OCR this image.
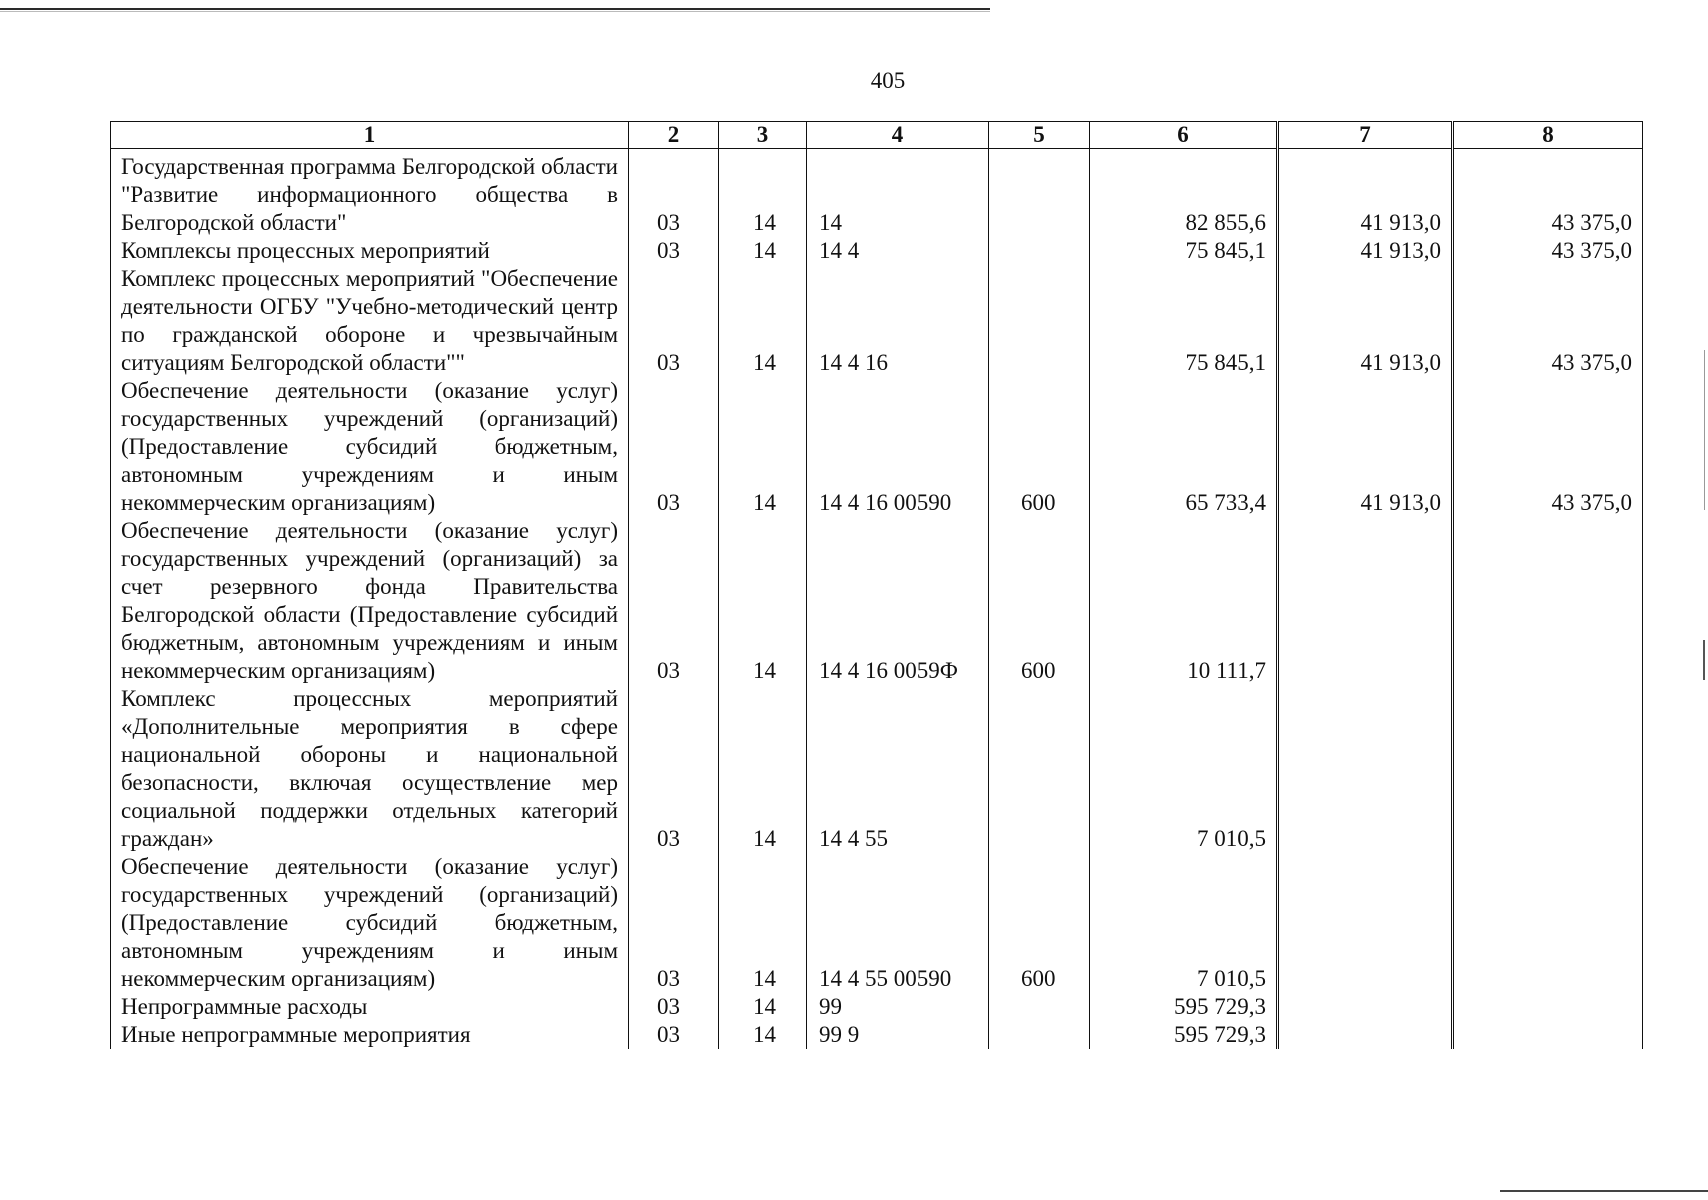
405
1	2	3	4	5	6	7	8
Государственная программа Белгородской области "Развитие информационного общества в Белгородской области"	03	14	14		82 855,6	41 913,0	43 375,0
Комплексы процессных мероприятий	03	14	14 4		75 845,1	41 913,0	43 375,0
Комплекс процессных мероприятий "Обеспечение деятельности ОГБУ "Учебно-методический центр по гражданской обороне и чрезвычайным ситуациям Белгородской области""	03	14	14 4 16		75 845,1	41 913,0	43 375,0
Обеспечение деятельности (оказание услуг) государственных учреждений (организаций) (Предоставление субсидий бюджетным, автономным учреждениям и иным некоммерческим организациям)	03	14	14 4 16 00590	600	65 733,4	41 913,0	43 375,0
Обеспечение деятельности (оказание услуг) государственных учреждений (организаций) за счет резервного фонда Правительства Белгородской области (Предоставление субсидий бюджетным, автономным учреждениям и иным некоммерческим организациям)	03	14	14 4 16 0059Ф	600	10 111,7		
Комплекс процессных мероприятий «Дополнительные мероприятия в сфере национальной обороны и национальной безопасности, включая осуществление мер социальной поддержки отдельных категорий граждан»	03	14	14 4 55		7 010,5		
Обеспечение деятельности (оказание услуг) государственных учреждений (организаций) (Предоставление субсидий бюджетным, автономным учреждениям и иным некоммерческим организациям)	03	14	14 4 55 00590	600	7 010,5		
Непрограммные расходы	03	14	99		595 729,3		
Иные непрограммные мероприятия	03	14	99 9		595 729,3		
